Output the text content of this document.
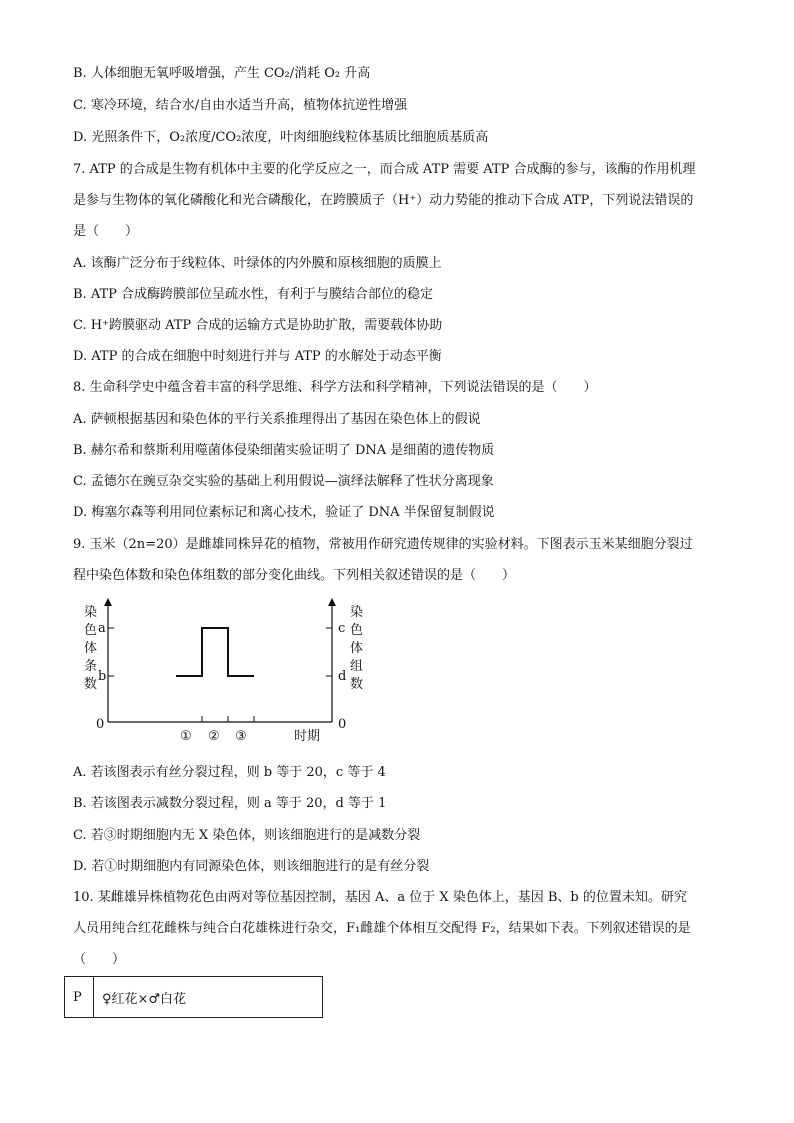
B. 人体细胞无氧呼吸增强，产生 CO₂/消耗 O₂ 升高
C. 寒冷环境，结合水/自由水适当升高，植物体抗逆性增强
D. 光照条件下，O₂浓度/CO₂浓度，叶肉细胞线粒体基质比细胞质基质高
7. ATP 的合成是生物有机体中主要的化学反应之一，而合成 ATP 需要 ATP 合成酶的参与，该酶的作用机理
是参与生物体的氧化磷酸化和光合磷酸化，在跨膜质子（H⁺）动力势能的推动下合成 ATP，下列说法错误的
是（　　）
A. 该酶广泛分布于线粒体、叶绿体的内外膜和原核细胞的质膜上
B. ATP 合成酶跨膜部位呈疏水性，有利于与膜结合部位的稳定
C. H⁺跨膜驱动 ATP 合成的运输方式是协助扩散，需要载体协助
D. ATP 的合成在细胞中时刻进行并与 ATP 的水解处于动态平衡
8. 生命科学史中蕴含着丰富的科学思维、科学方法和科学精神，下列说法错误的是（　　）
A. 萨顿根据基因和染色体的平行关系推理得出了基因在染色体上的假说
B. 赫尔希和蔡斯利用噬菌体侵染细菌实验证明了 DNA 是细菌的遗传物质
C. 孟德尔在豌豆杂交实验的基础上利用假说—演绎法解释了性状分离现象
D. 梅塞尔森等利用同位素标记和离心技术，验证了 DNA 半保留复制假说
9. 玉米（2n=20）是雌雄同株异花的植物，常被用作研究遗传规律的实验材料。下图表示玉米某细胞分裂过
程中染色体数和染色体组数的部分变化曲线。下列相关叙述错误的是（　　）
染
色
体
条
数
染
色
体
组
数
a
b
c
d
0	0
① ② ③	时期
A. 若该图表示有丝分裂过程，则 b 等于 20，c 等于 4
B. 若该图表示减数分裂过程，则 a 等于 20，d 等于 1
C. 若③时期细胞内无 X 染色体，则该细胞进行的是减数分裂
D. 若①时期细胞内有同源染色体，则该细胞进行的是有丝分裂
10. 某雌雄异株植物花色由两对等位基因控制，基因 A、a 位于 X 染色体上，基因 B、b 的位置未知。研究
人员用纯合红花雌株与纯合白花雄株进行杂交，F₁雌雄个体相互交配得 F₂，结果如下表。下列叙述错误的是
（　　）
P	♀红花×♂白花
